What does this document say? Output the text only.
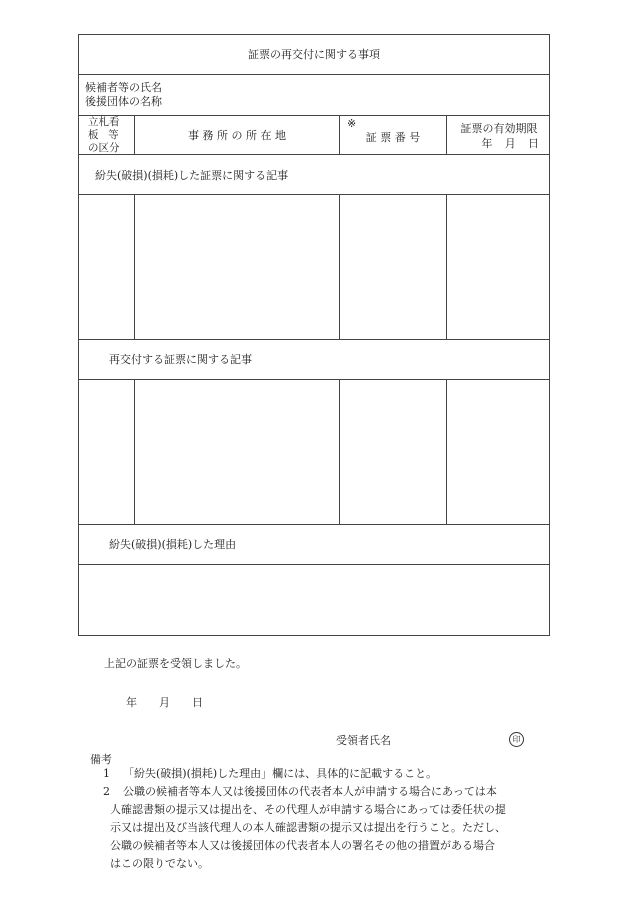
証票の再交付に関する事項
候補者等の氏名
後援団体の名称
立札看
板 等
の区分
事 務 所 の 所 在 地
※
証 票 番 号
証票の有効期限
年 月 日
紛失(破損)(損耗)した証票に関する記事
再交付する証票に関する記事
紛失(破損)(損耗)した理由
上記の証票を受領しました。
年　　月　　日
受領者氏名	印
備考
1 「紛失(破損)(損耗)した理由」欄には、具体的に記載すること。
2 公職の候補者等本人又は後援団体の代表者本人が申請する場合にあっては本
人確認書類の提示又は提出を、その代理人が申請する場合にあっては委任状の提
示又は提出及び当該代理人の本人確認書類の提示又は提出を行うこと。ただし、
公職の候補者等本人又は後援団体の代表者本人の署名その他の措置がある場合
はこの限りでない。
